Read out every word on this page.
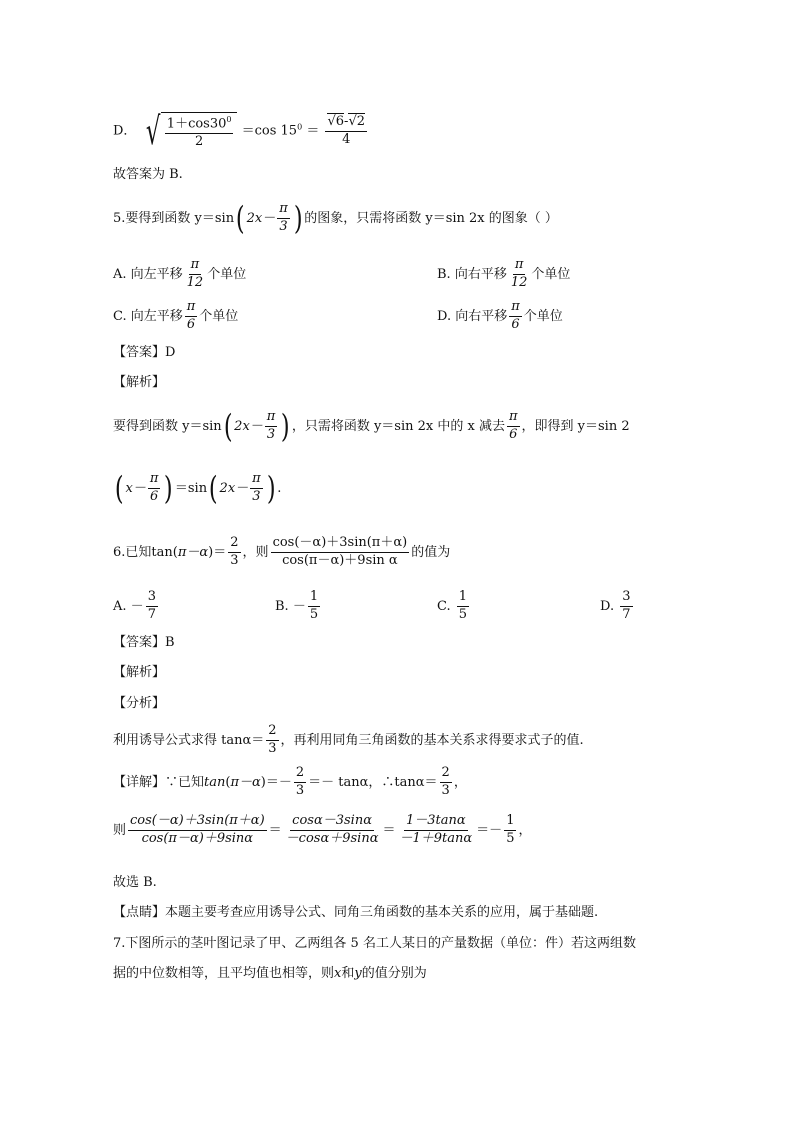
D． √ $\frac{1+\cos 30^0}{2} =\cos$ $15^0 = \frac{√6-√2}{4}$
故答案为 B.
5.要得到函数 y＝sin( $2x- \frac{\pi}{3}$ ) 的图象，只需将函数 y＝sin 2x 的图象（ ）
A. 向左平移 $\frac{\pi}{12}$ 个单位	B. 向右平移 $\frac{\pi}{12}$ 个单位
C. 向左平移 $\frac{\pi}{6}$ 个单位	D. 向右平移 $\frac{\pi}{6}$ 个单位
【答案】D
【解析】
要得到函数 y＝sin( $2x- \frac{\pi}{3}$ ) ，只需将函数 y＝sin 2x 中的 x 减去 $\frac{\pi}{6}$ ，即得到 y＝sin 2
( $x- \frac{\pi}{6}$ ) ＝sin( $2x- \frac{\pi}{3}$ ) .
6.已知$\tan(\pi-\alpha)= \frac{2}{3}$ ，则 $\frac{\cos(-\alpha)+3\sin(\pi+\alpha)}{\text{cos(π－α)＋9sin α}}$ 的值为
A. － $\frac{3}{7}$	B. － $\frac{1}{5}$	C. $\frac{1}{5}$	D. $\frac{3}{7}$
【答案】B
【解析】
【分析】
利用诱导公式求得 $\tan\alpha= \frac{2}{3}$ ，再利用同角三角函数的基本关系求得要求式子的值.
【详解】∵已知$\tan(\pi-\alpha)=- \frac{2}{3} =- \tan\alpha$，∴tanα＝ $\frac{2}{3}$ ，
则 $\frac{\cos(-\alpha)+3\sin(\pi+\alpha)}{\cos(\pi-\alpha)+9\sin\alpha} = \frac{\cos\alpha-3\sin\alpha}{-\cos\alpha+9\sin\alpha} = \frac{1-3\tan\alpha}{-1+9\tan\alpha} =- \frac{1}{5}$ ，
故选 B.
【点睛】本题主要考查应用诱导公式、同角三角函数的基本关系的应用，属于基础题.
7.下图所示的茎叶图记录了甲、乙两组各 5 名工人某日的产量数据（单位：件）若这两组数
据的中位数相等，且平均值也相等，则x和y的值分别为
